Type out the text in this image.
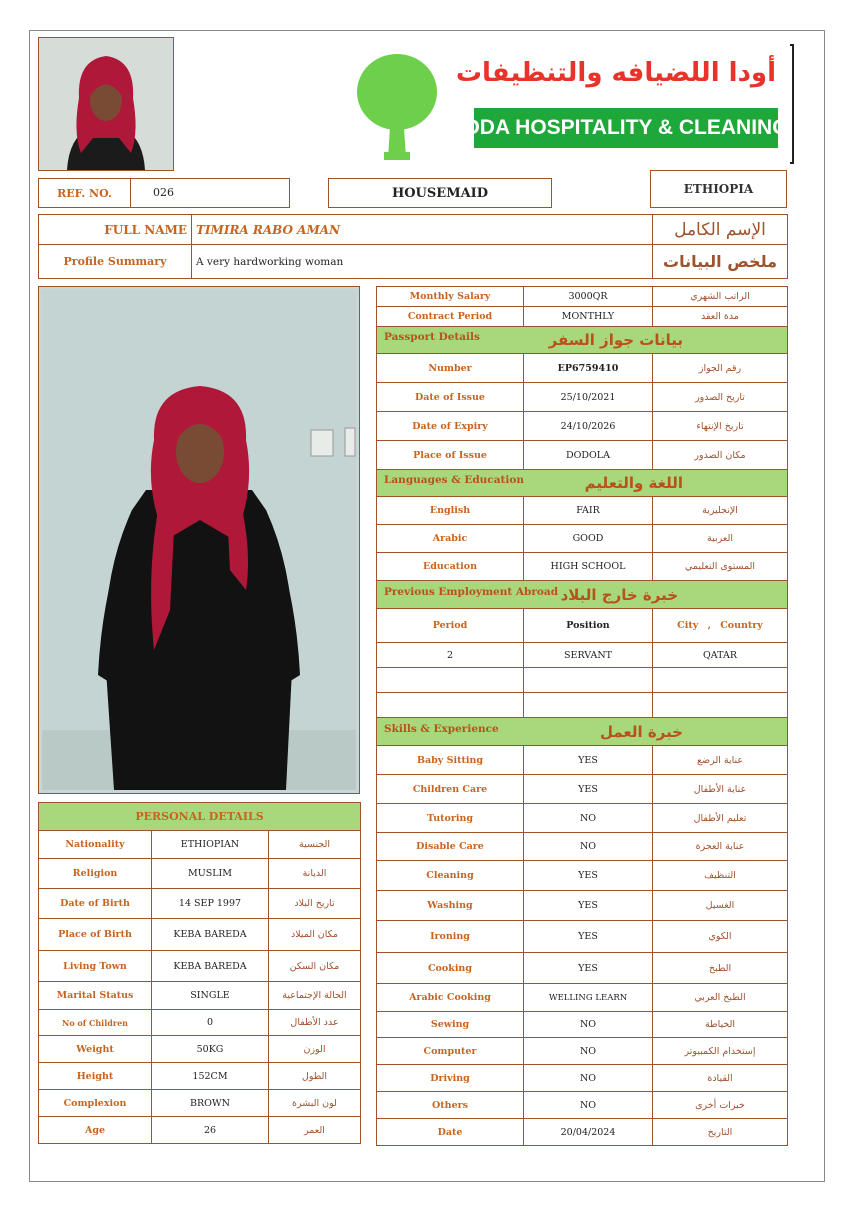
أودا اللضيافه والتنظيفات
ODA HOSPITALITY & CLEANING
REF. NO.	026	HOUSEMAID	ETHIOPIA
FULL NAME	TIMIRA RABO AMAN	الإسم الكامل
Profile Summary	A very hardworking woman	ملخص البيانات
PERSONAL DETAILS		
Nationality	ETHIOPIAN	الجنسية
Religion	MUSLIM	الديانة
Date of Birth	14 SEP 1997	تاريخ البلاد
Place of Birth	KEBA BAREDA	مكان الميلاد
Living Town	KEBA BAREDA	مكان السكن
Marital Status	SINGLE	الحالة الإجتماعية
No of Children	0	عدد الأطفال
Weight	50KG	الوزن
Height	152CM	الطول
Complexion	BROWN	لون البشرة
Age	26	العمر
Monthly Salary	3000QR	الراتب الشهري
Contract Period	MONTHLY	مدة العقد

Passport Details بيانات جواز السفر		

Number	EP6759410	رقم الجواز
Date of Issue	25/10/2021	تاريخ الصدور
Date of Expiry	24/10/2026	تاريخ الإنتهاء
Place of Issue	DODOLA	مكان الصدور

Languages & Education اللغة والتعليم		

English	FAIR	الإنجليزية
Arabic	GOOD	العربية
Education	HIGH SCHOOL	المستوى التعليمي

Previous Employment Abroad خبرة خارج البلاد		

Period	Position	City , Country
2	SERVANT	QATAR

Skills & Experience خبرة العمل		

Baby Sitting	YES	عناية الرضع
Children Care	YES	عناية الأطفال
Tutoring	NO	تعليم الأطفال
Disable Care	NO	عناية العجزة
Cleaning	YES	التنظيف
Washing	YES	الغسيل
Ironing	YES	الكوي
Cooking	YES	الطبخ
Arabic Cooking	WELLING LEARN	الطبخ العربي
Sewing	NO	الخياطة
Computer	NO	إستخدام الكمبيوتر
Driving	NO	القيادة
Others	NO	خبرات أخرى
Date	20/04/2024	التاريخ
